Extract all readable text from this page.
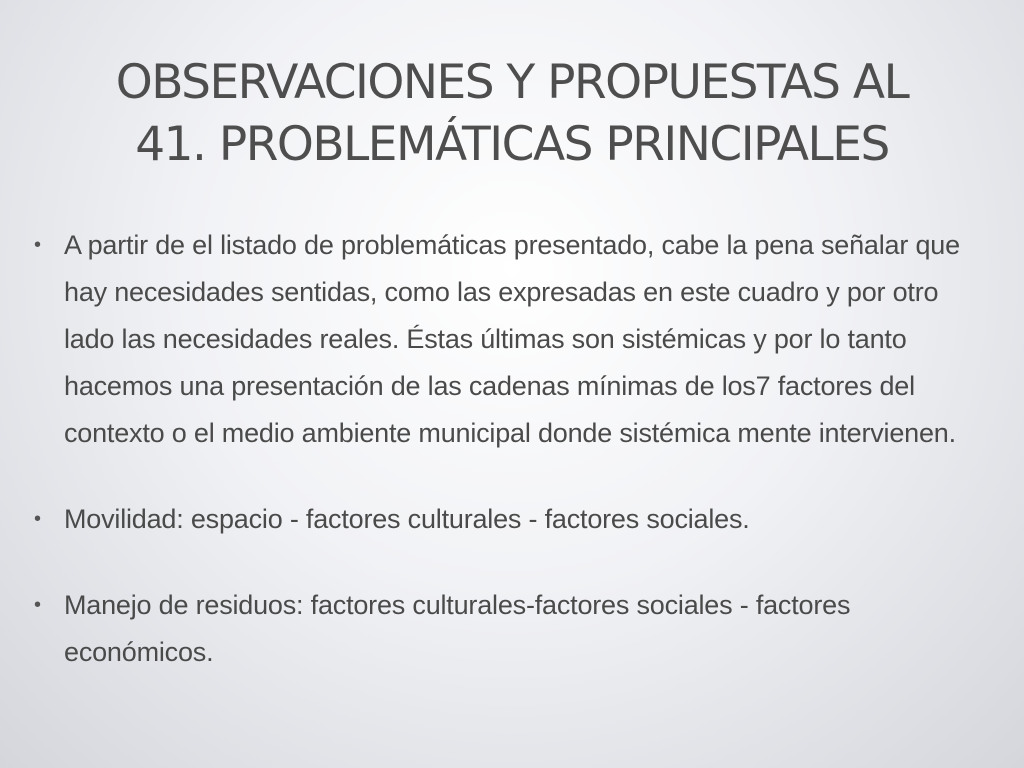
OBSERVACIONES Y PROPUESTAS AL
41. PROBLEMÁTICAS PRINCIPALES
• A partir de el listado de problemáticas presentado, cabe la pena señalar que hay necesidades sentidas, como las expresadas en este cuadro y por otro lado las necesidades reales. Éstas últimas son sistémicas y por lo tanto hacemos una presentación de las cadenas mínimas de los7 factores del contexto o el medio ambiente municipal donde sistémica mente intervienen.
• Movilidad: espacio - factores culturales - factores sociales.
• Manejo de residuos: factores culturales-factores sociales - factores económicos.
